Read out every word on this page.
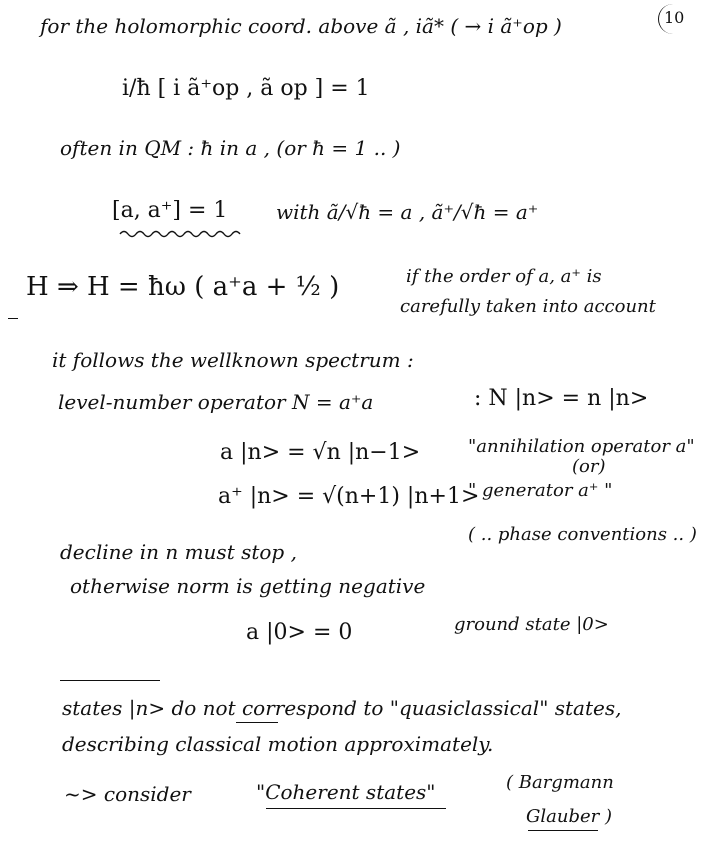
10
for the holomorphic coord. above ã , iã* ( → i ã⁺op )
i/ħ [ i ã⁺op , ã op ] = 1
often in QM : ħ in a , (or ħ = 1 .. )
[a, a⁺] = 1 with ã/√ħ = a , ã⁺/√ħ = a⁺
H ⇒ H = ħω ( a⁺a + ½ )	if the order of a, a⁺ is
carefully taken into account
it follows the wellknown spectrum :
level-number operator N = a⁺a	: N |n> = n |n>
a |n> = √n |n−1>	"annihilation operator a"
(or)
a⁺ |n> = √(n+1) |n+1>
" generator a⁺ "
( .. phase conventions .. )
decline in n must stop ,
otherwise norm is getting negative
a |0> = 0	ground state |0>
states |n> do not correspond to "quasiclassical" states,
describing classical motion approximately.
~> consider	"Coherent states"	( Bargmann
Glauber )
